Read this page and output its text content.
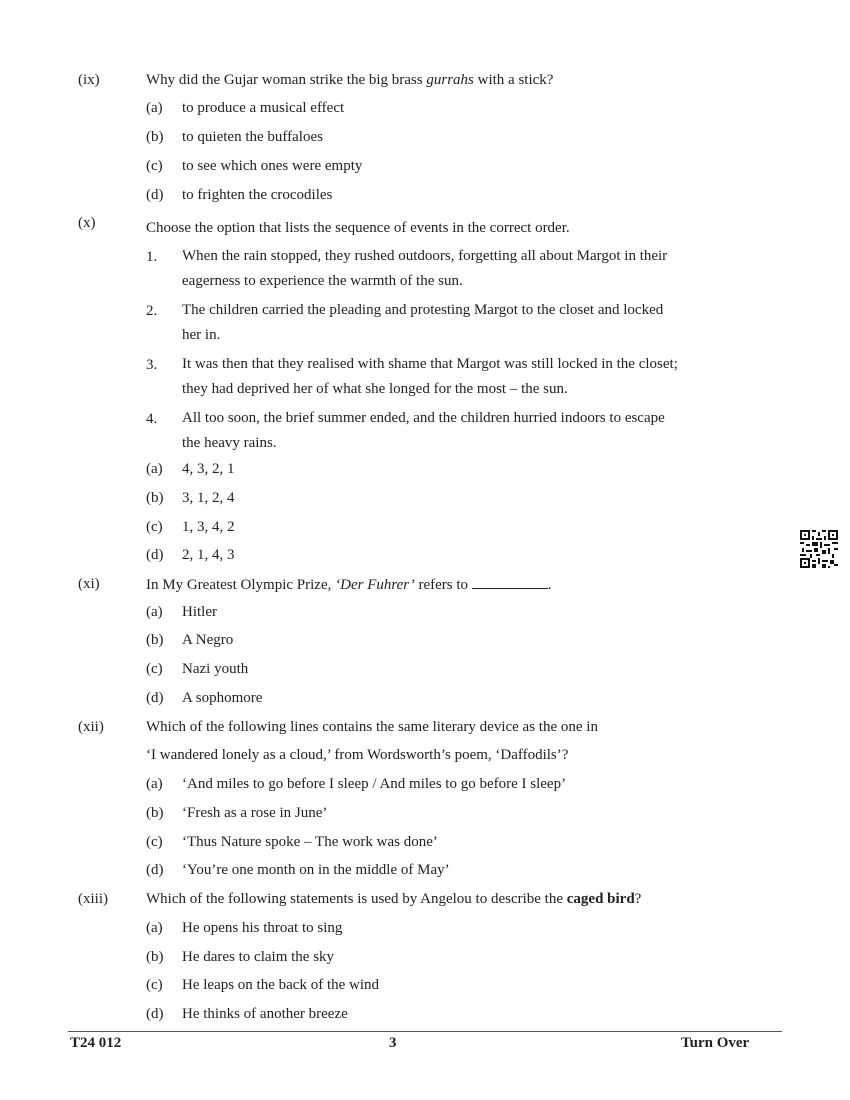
(ix)	Why did the Gujar woman strike the big brass gurrahs with a stick?
(a) to produce a musical effect
(b) to quieten the buffaloes
(c) to see which ones were empty
(d) to frighten the crocodiles
(x)	Choose the option that lists the sequence of events in the correct order.
1. When the rain stopped, they rushed outdoors, forgetting all about Margot in their eagerness to experience the warmth of the sun.
2. The children carried the pleading and protesting Margot to the closet and locked her in.
3. It was then that they realised with shame that Margot was still locked in the closet; they had deprived her of what she longed for the most – the sun.
4. All too soon, the brief summer ended, and the children hurried indoors to escape the heavy rains.
(a) 4, 3, 2, 1
(b) 3, 1, 2, 4
(c) 1, 3, 4, 2
(d) 2, 1, 4, 3
(xi)	In My Greatest Olympic Prize, ‘Der Fuhrer’ refers to	.
(a) Hitler
(b) A Negro
(c) Nazi youth
(d) A sophomore
(xii)	Which of the following lines contains the same literary device as the one in
‘I wandered lonely as a cloud,’ from Wordsworth’s poem, ‘Daffodils’?
(a) ‘And miles to go before I sleep / And miles to go before I sleep’
(b) ‘Fresh as a rose in June’
(c) ‘Thus Nature spoke – The work was done’
(d) ‘You’re one month on in the middle of May’
(xiii)	Which of the following statements is used by Angelou to describe the caged bird?
(a) He opens his throat to sing
(b) He dares to claim the sky
(c) He leaps on the back of the wind
(d) He thinks of another breeze
T24 012	3	Turn Over
